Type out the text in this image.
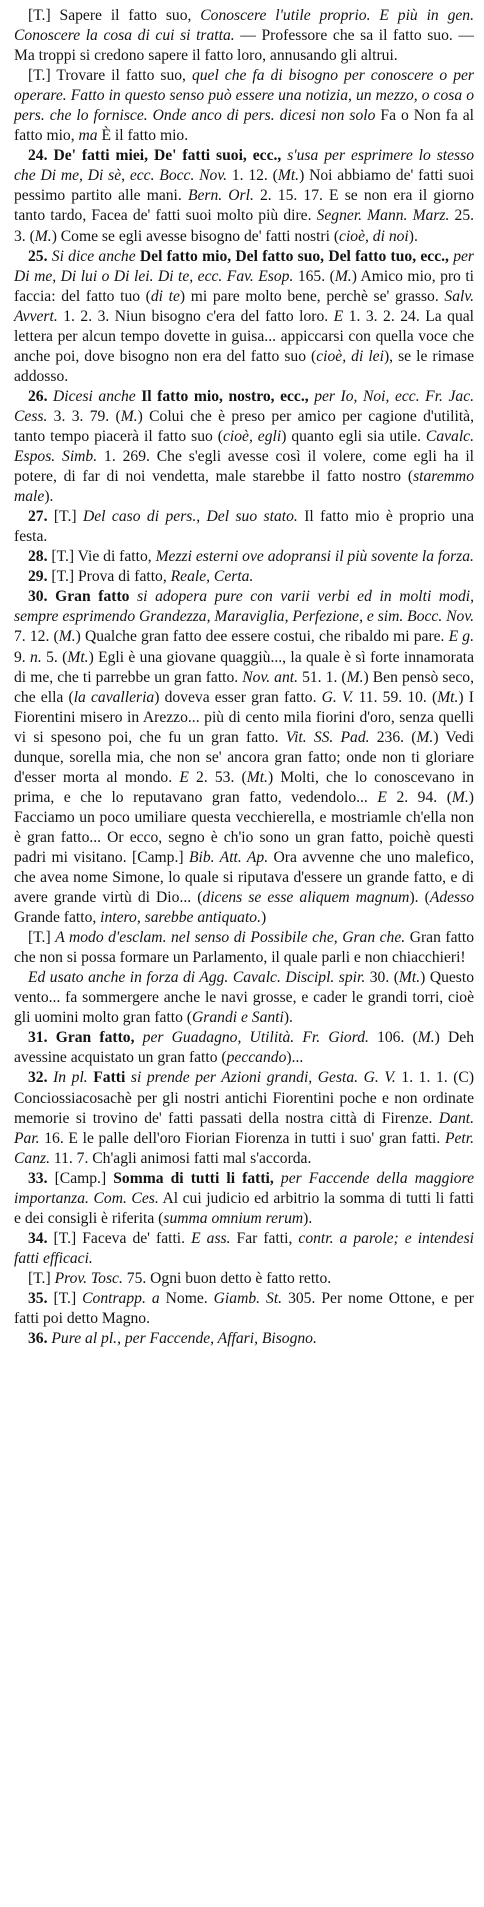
[T.] Sapere il fatto suo, Conoscere l'utile proprio. E più in gen. Conoscere la cosa di cui si tratta. — Professore che sa il fatto suo. — Ma troppi si credono sapere il fatto loro, annusando gli altrui.

[T.] Trovare il fatto suo, quel che fa di bisogno per conoscere o per operare. Fatto in questo senso può essere una notizia, un mezzo, o cosa o pers. che lo fornisce. Onde anco di pers. dicesi non solo Fa o Non fa al fatto mio, ma È il fatto mio.

24. De' fatti miei, De' fatti suoi, ecc., s'usa per esprimere lo stesso che Di me, Di sè, ecc. Bocc. Nov. 1. 12. (Mt.) Noi abbiamo de' fatti suoi pessimo partito alle mani. Bern. Orl. 2. 15. 17. E se non era il giorno tanto tardo, Facea de' fatti suoi molto più dire. Segner. Mann. Marz. 25. 3. (M.) Come se egli avesse bisogno de' fatti nostri (cioè, di noi).

25. Si dice anche Del fatto mio, Del fatto suo, Del fatto tuo, ecc., per Di me, Di lui o Di lei. Di te, ecc. Fav. Esop. 165. (M.) Amico mio, pro ti faccia: del fatto tuo (di te) mi pare molto bene, perchè se' grasso. Salv. Avvert. 1. 2. 3. Niun bisogno c'era del fatto loro. E 1. 3. 2. 24. La qual lettera per alcun tempo dovette in guisa... appiccarsi con quella voce che anche poi, dove bisogno non era del fatto suo (cioè, di lei), se le rimase addosso.

26. Dicesi anche Il fatto mio, nostro, ecc., per Io, Noi, ecc. Fr. Jac. Cess. 3. 3. 79. (M.) Colui che è preso per amico per cagione d'utilità, tanto tempo piacerà il fatto suo (cioè, egli) quanto egli sia utile. Cavalc. Espos. Simb. 1. 269. Che s'egli avesse così il volere, come egli ha il potere, di far di noi vendetta, male starebbe il fatto nostro (staremmo male).

27. [T.] Del caso di pers., Del suo stato. Il fatto mio è proprio una festa.

28. [T.] Vie di fatto, Mezzi esterni ove adopransi il più sovente la forza.

29. [T.] Prova di fatto, Reale, Certa.

30. Gran fatto si adopera pure con varii verbi ed in molti modi, sempre esprimendo Grandezza, Maraviglia, Perfezione, e sim. Bocc. Nov. 7. 12. (M.) Qualche gran fatto dee essere costui, che ribaldo mi pare. E g. 9. n. 5. (Mt.) Egli è una giovane quaggiù..., la quale è sì forte innamorata di me, che ti parrebbe un gran fatto. Nov. ant. 51. 1. (M.) Ben pensò seco, che ella (la cavalleria) doveva esser gran fatto. G. V. 11. 59. 10. (Mt.) I Fiorentini misero in Arezzo... più di cento mila fiorini d'oro, senza quelli vi si spesono poi, che fu un gran fatto. Vit. SS. Pad. 236. (M.) Vedi dunque, sorella mia, che non se' ancora gran fatto; onde non ti gloriare d'esser morta al mondo. E 2. 53. (Mt.) Molti, che lo conoscevano in prima, e che lo reputavano gran fatto, vedendolo... E 2. 94. (M.) Facciamo un poco umiliare questa vecchierella, e mostriamle ch'ella non è gran fatto... Or ecco, segno è ch'io sono un gran fatto, poichè questi padri mi visitano. [Camp.] Bib. Att. Ap. Ora avvenne che uno malefico, che avea nome Simone, lo quale si riputava d'essere un grande fatto, e di avere grande virtù di Dio... (dicens se esse aliquem magnum). (Adesso Grande fatto, intero, sarebbe antiquato.)

[T.] A modo d'esclam. nel senso di Possibile che, Gran che. Gran fatto che non si possa formare un Parlamento, il quale parli e non chiacchieri!

Ed usato anche in forza di Agg. Cavalc. Discipl. spir. 30. (Mt.) Questo vento... fa sommergere anche le navi grosse, e cader le grandi torri, cioè gli uomini molto gran fatto (Grandi e Santi).

31. Gran fatto, per Guadagno, Utilità. Fr. Giord. 106. (M.) Deh avessine acquistato un gran fatto (peccando)...

32. In pl. Fatti si prende per Azioni grandi, Gesta. G. V. 1. 1. 1. (C) Conciossiacosachè per gli nostri antichi Fiorentini poche e non ordinate memorie si trovino de' fatti passati della nostra città di Firenze. Dant. Par. 16. E le palle dell'oro Fiorian Fiorenza in tutti i suo' gran fatti. Petr. Canz. 11. 7. Ch'agli animosi fatti mal s'accorda.

33. [Camp.] Somma di tutti li fatti, per Faccende della maggiore importanza. Com. Ces. Al cui judicio ed arbitrio la somma di tutti li fatti e dei consigli è riferita (summa omnium rerum).

34. [T.] Faceva de' fatti. E ass. Far fatti, contr. a parole; e intendesi fatti efficaci.

[T.] Prov. Tosc. 75. Ogni buon detto è fatto retto.

35. [T.] Contrapp. a Nome. Giamb. St. 305. Per nome Ottone, e per fatti poi detto Magno.

36. Pure al pl., per Faccende, Affari, Bisogno.
